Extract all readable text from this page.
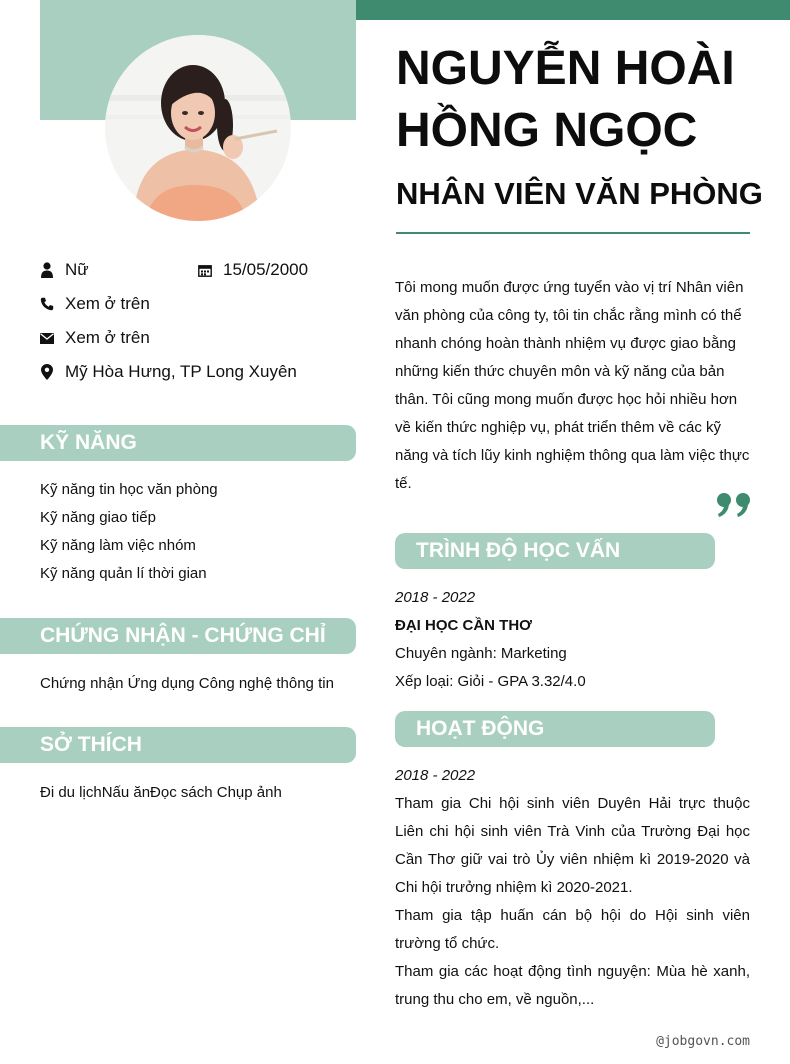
NGUYỄN HOÀI
HỒNG NGỌC
NHÂN VIÊN VĂN PHÒNG
Nữ	15/05/2000
Xem ở trên
Xem ở trên
Mỹ Hòa Hưng, TP Long Xuyên
KỸ NĂNG
Kỹ năng tin học văn phòng
Kỹ năng giao tiếp
Kỹ năng làm việc nhóm
Kỹ năng quản lí thời gian
CHỨNG NHẬN - CHỨNG CHỈ
Chứng nhận Ứng dụng Công nghệ thông tin
SỞ THÍCH
Đi du lịchNấu ănĐọc sách Chụp ảnh

Tôi mong muốn được ứng tuyển vào vị trí Nhân viên văn phòng của công ty, tôi tin chắc rằng mình có thể nhanh chóng hoàn thành nhiệm vụ được giao bằng những kiến thức chuyên môn và kỹ năng của bản thân. Tôi cũng mong muốn được học hỏi nhiều hơn về kiến thức nghiệp vụ, phát triển thêm về các kỹ năng và tích lũy kinh nghiệm thông qua làm việc thực tế.

TRÌNH ĐỘ HỌC VẤN
2018 - 2022
ĐẠI HỌC CẦN THƠ
Chuyên ngành: Marketing
Xếp loại: Giỏi - GPA 3.32/4.0
HOẠT ĐỘNG
2018 - 2022

Tham gia Chi hội sinh viên Duyên Hải trực thuộc Liên chi hội sinh viên Trà Vinh của Trường Đại học Cần Thơ giữ vai trò Ủy viên nhiệm kì 2019-2020 và Chi hội trưởng nhiệm kì 2020-2021.

Tham gia tập huấn cán bộ hội do Hội sinh viên trường tổ chức.

Tham gia các hoạt động tình nguyện: Mùa hè xanh, trung thu cho em, về nguồn,...

@jobgovn.com
